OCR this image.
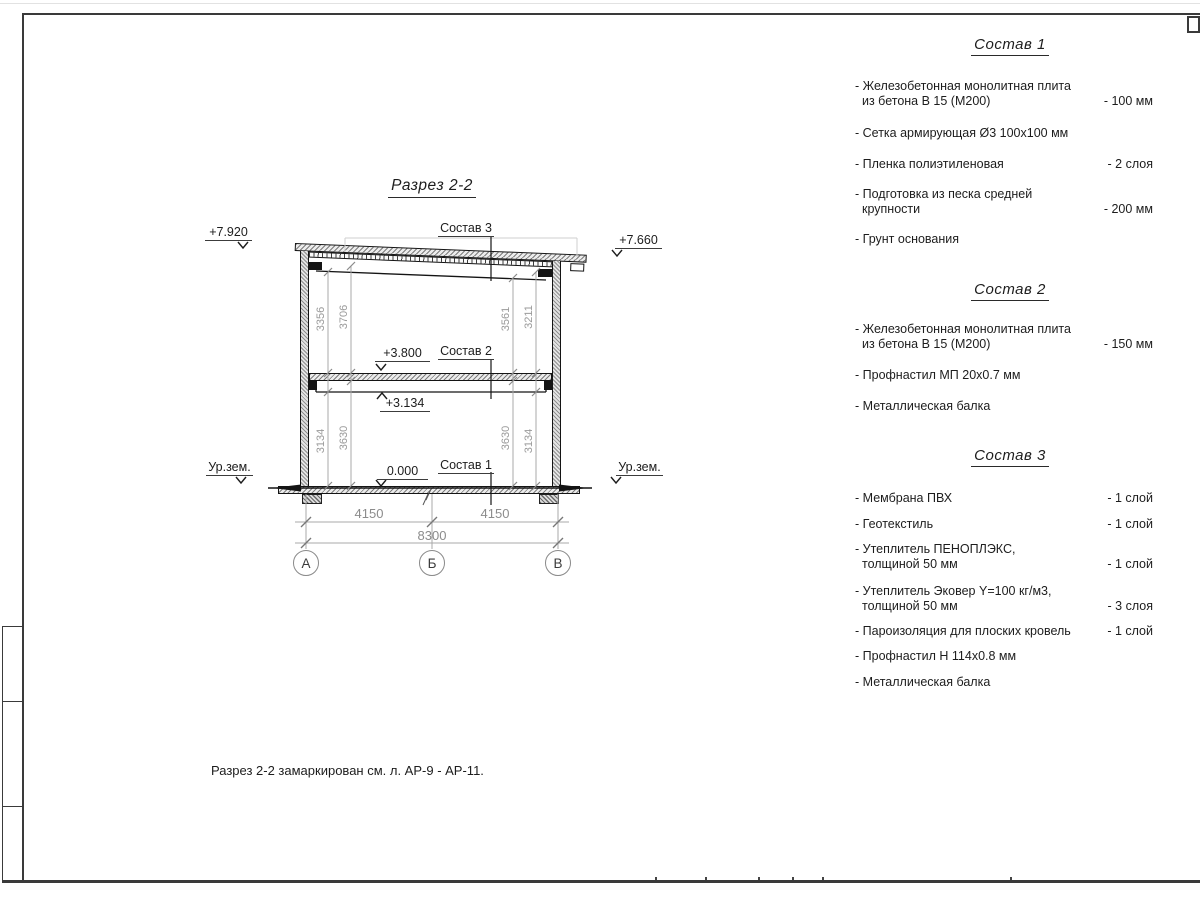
Разрез 2-2
+7.920
+7.660
Состав 3
Состав 2
Состав 1
+3.800
+3.134
0.000
Ур.зем.	Ур.зем.
3356 3706	3561 3211
3134 3630	3630 3134
4150	4150
8300
А	Б	В
Состав 1
- Железобетонная монолитная плита
из бетона В 15 (М200)	- 100 мм
- Сетка армирующая Ø3 100х100 мм
- Пленка полиэтиленовая	- 2 слоя
- Подготовка из песка средней
крупности	- 200 мм
- Грунт основания
Состав 2
- Железобетонная монолитная плита
из бетона В 15 (М200)	- 150 мм
- Профнастил МП 20х0.7 мм
- Металлическая балка
Состав 3
- Мембрана ПВХ	- 1 слой
- Геотекстиль	- 1 слой
- Утеплитель ПЕНОПЛЭКС,
толщиной 50 мм	- 1 слой
- Утеплитель Эковер Y=100 кг/м3,
толщиной 50 мм	- 3 слоя
- Пароизоляция для плоских кровель	- 1 слой
- Профнастил Н 114х0.8 мм
- Металлическая балка
Разрез 2-2 замаркирован см. л. АР-9 - АР-11.
